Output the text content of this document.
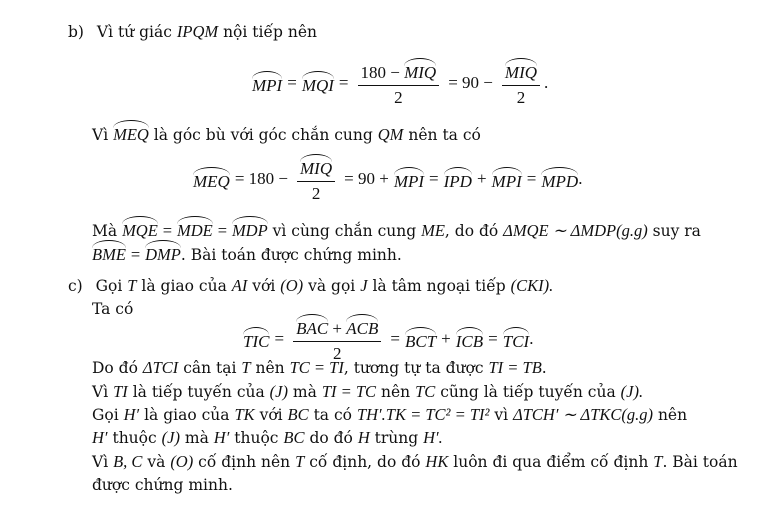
b) Vì tứ giác IPQM nội tiếp nên
MPI = MQI = $\frac{\text{180 − MIQ}}{2} = 90 - \frac{\text{MIQ}}{2}$ .
Vì MEQ là góc bù với góc chắn cung QM nên ta có
MEQ = $180 - \frac{\text{MIQ}}{2} = 90$ + MPI = IPD + MPI = MPD .
Mà MQE = MDE = MDP vì cùng chắn cung ME, do đó ΔMQE ∼ ΔMDP(g.g) suy ra
BME = DMP. Bài toán được chứng minh.
c) Gọi T là giao của AI với (O) và gọi J là tâm ngoại tiếp (CKI).
Ta có
TIC = $\frac{\text{BAC + ACB}}{2}$ = BCT + ICB = TCI .
Do đó ΔTCI cân tại T nên TC = TI, tương tự ta được TI = TB.
Vì TI là tiếp tuyến của (J) mà TI = TC nên TC cũng là tiếp tuyến của (J).
Gọi H′ là giao của TK với BC ta có TH′.TK = TC² = TI² vì ΔTCH′ ∼ ΔTKC(g.g) nên
H′ thuộc (J) mà H′ thuộc BC do đó H trùng H′.
Vì B, C và (O) cố định nên T cố định, do đó HK luôn đi qua điểm cố định T. Bài toán
được chứng minh.
